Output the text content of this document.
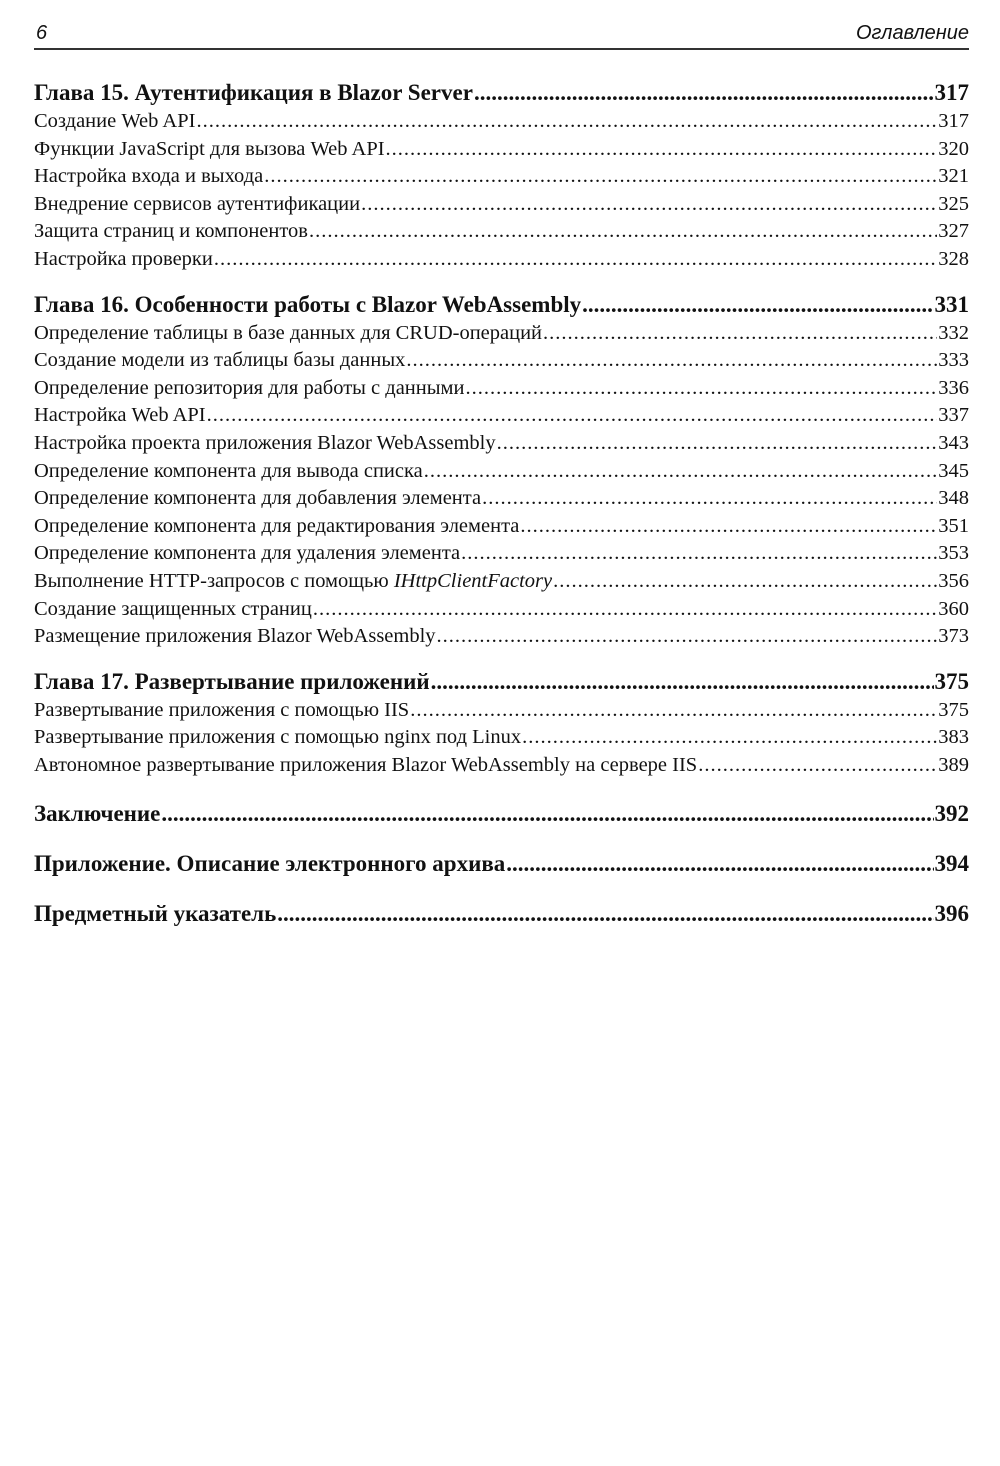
6	Оглавление
Глава 15. Аутентификация в Blazor Server .....	317
Создание Web API .....	317
Функции JavaScript для вызова Web API .....	320
Настройка входа и выхода .....	321
Внедрение сервисов аутентификации .....	325
Защита страниц и компонентов .....	327
Настройка проверки .....	328
Глава 16. Особенности работы с Blazor WebAssembly .....	331
Определение таблицы в базе данных для CRUD-операций .....	332
Создание модели из таблицы базы данных .....	333
Определение репозитория для работы с данными .....	336
Настройка Web API .....	337
Настройка проекта приложения Blazor WebAssembly .....	343
Определение компонента для вывода списка .....	345
Определение компонента для добавления элемента .....	348
Определение компонента для редактирования элемента .....	351
Определение компонента для удаления элемента .....	353
Выполнение HTTP-запросов с помощью IHttpClientFactory .....	356
Создание защищенных страниц .....	360
Размещение приложения Blazor WebAssembly .....	373
Глава 17. Развертывание приложений .....	375
Развертывание приложения с помощью IIS .....	375
Развертывание приложения с помощью nginx под Linux .....	383
Автономное развертывание приложения Blazor WebAssembly на сервере IIS .....	389
Заключение .....	392
Приложение. Описание электронного архива .....	394
Предметный указатель .....	396
